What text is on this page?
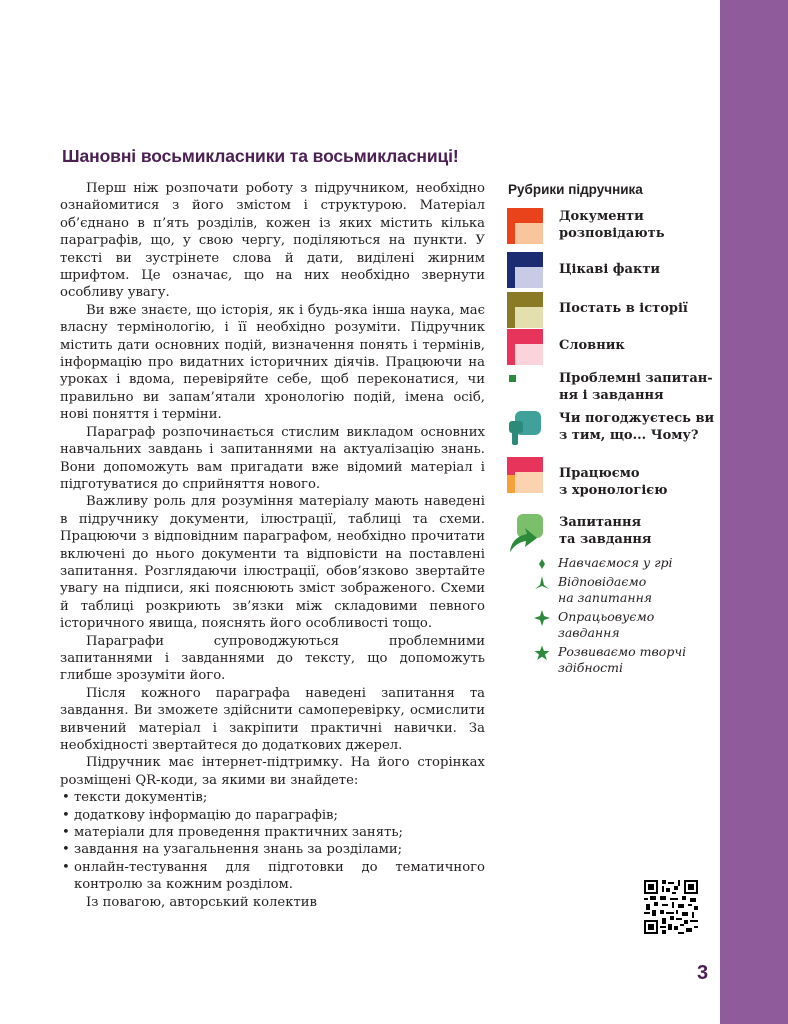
Шановні восьмикласники та восьмикласниці!

Перш ніж розпочати роботу з підручником, необхідно ознайомитися з його змістом і структурою. Матеріал об’єднано в п’ять розділів, кожен із яких містить кілька параграфів, що, у свою чергу, поділяються на пункти. У тексті ви зустрінете слова й дати, виділені жирним шрифтом. Це означає, що на них необхідно звернути особливу увагу.

Ви вже знаєте, що історія, як і будь-яка інша наука, має власну термінологію, і її необхідно розуміти. Підручник містить дати основних подій, визначення понять і термінів, інформацію про видатних історичних діячів. Працюючи на уроках і вдома, перевіряйте себе, щоб переконатися, чи правильно ви запам’ятали хронологію подій, імена осіб, нові поняття і терміни.

Параграф розпочинається стислим викладом основних навчальних завдань і запитаннями на актуалізацію знань. Вони допоможуть вам пригадати вже відомий матеріал і підготуватися до сприйняття нового.

Важливу роль для розуміння матеріалу мають наведені в підручнику документи, ілюстрації, таблиці та схеми. Працюючи з відповідним параграфом, необхідно прочитати включені до нього документи та відповісти на поставлені запитання. Розглядаючи ілюстрації, обов’язково звертайте увагу на підписи, які пояснюють зміст зображеного. Схеми й таблиці розкриють зв’язки між складовими певного історичного явища, пояснять його особливості тощо.

Параграфи супроводжуються проблемними запитаннями і завданнями до тексту, що допоможуть глибше зрозуміти його.

Після кожного параграфа наведені запитання та завдання. Ви зможете здійснити самоперевірку, осмислити вивчений матеріал і закріпити практичні навички. За необхідності звертайтеся до додаткових джерел.

Підручник має інтернет-підтримку. На його сторінках розміщені QR-коди, за якими ви знайдете:

• тексти документів;
• додаткову інформацію до параграфів;
• матеріали для проведення практичних занять;
• завдання на узагальнення знань за розділами;
• онлайн-тестування для підготовки до тематичного контролю за кожним розділом.

Із повагою, авторський колектив

Рубрики підручника
Документи
розповідають
Цікаві факти
Постать в історії
Словник
Проблемні запитан-
ня і завдання
Чи погоджуєтесь ви
з тим, що... Чому?
Працюємо
з хронологією
Запитання
та завдання
Навчаємося у грі
Відповідаємо
на запитання
Опрацьовуємо
завдання
Розвиваємо творчі
здібності

3
